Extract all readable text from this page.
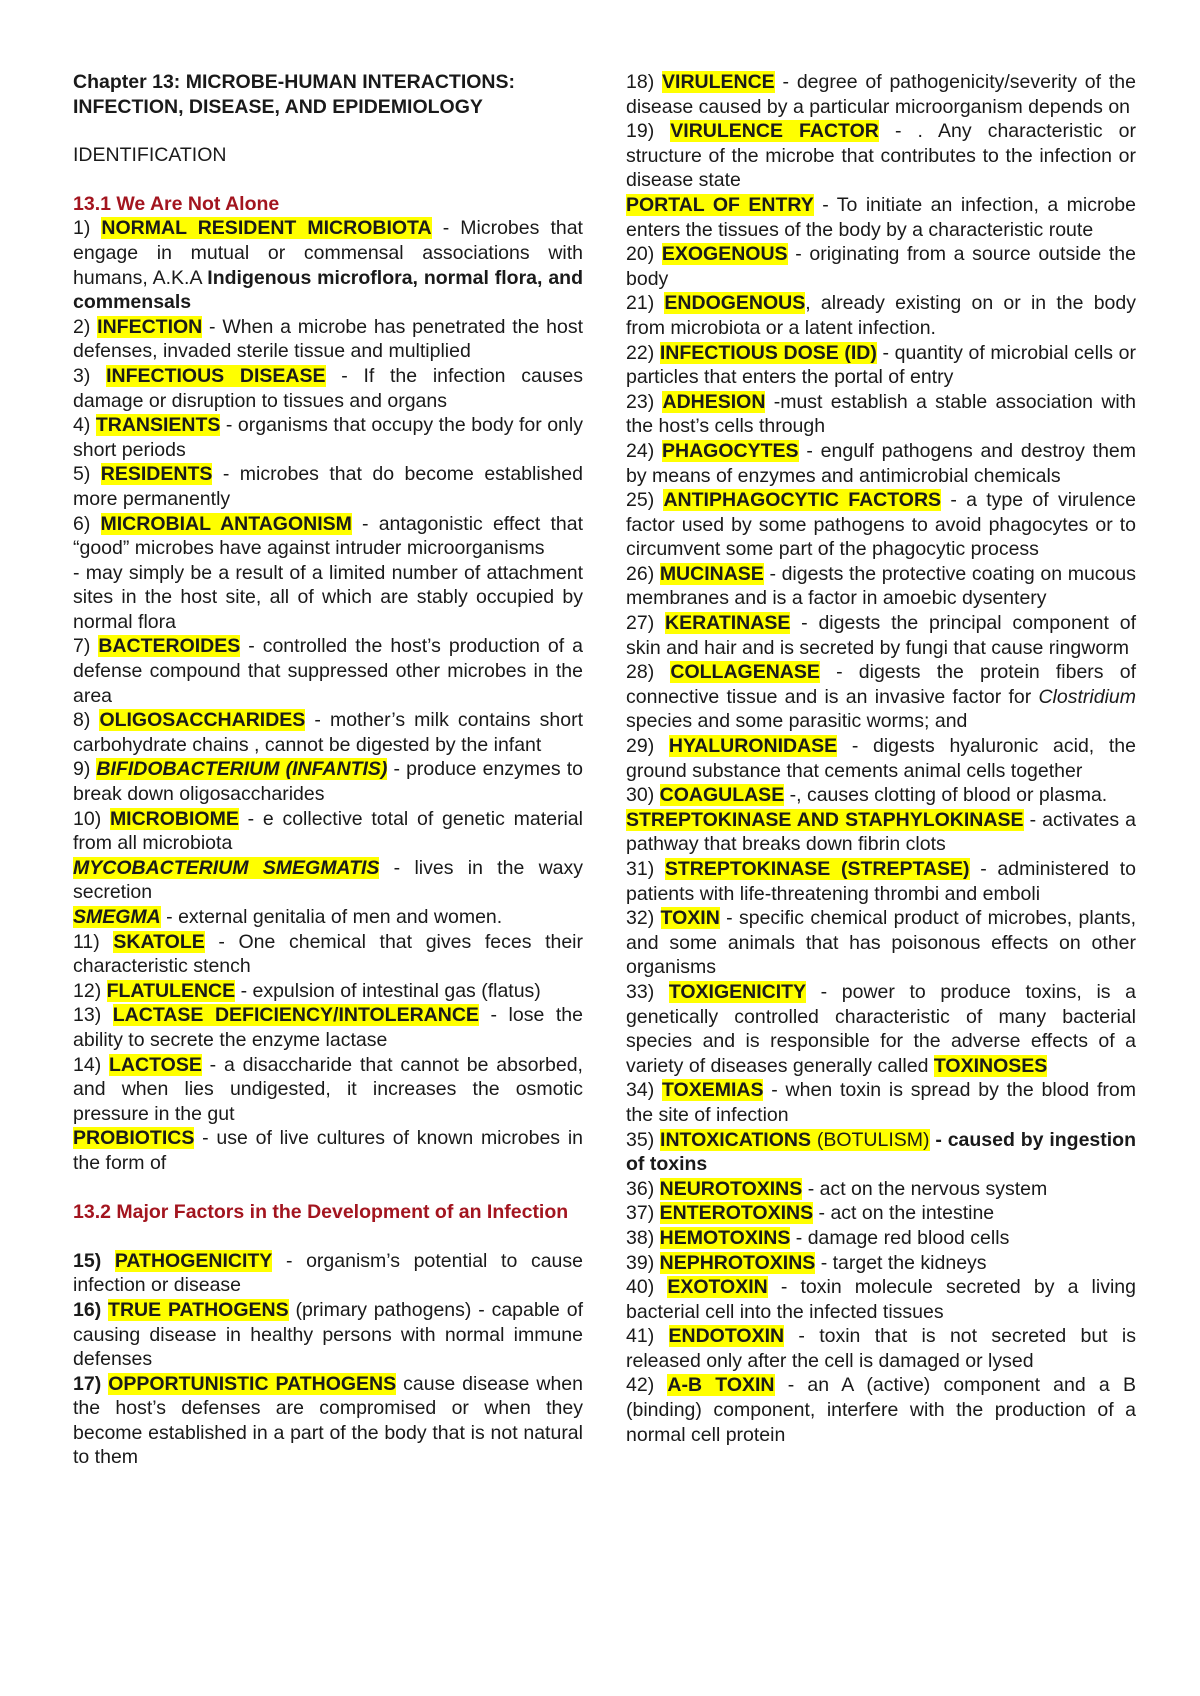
Chapter 13: MICROBE-HUMAN INTERACTIONS:
INFECTION, DISEASE, AND EPIDEMIOLOGY

IDENTIFICATION

13.1 We Are Not Alone

1) NORMAL RESIDENT MICROBIOTA - Microbes that engage in mutual or commensal associations with humans, A.K.A Indigenous microflora, normal flora, and commensals

2) INFECTION - When a microbe has penetrated the host defenses, invaded sterile tissue and multiplied

3) INFECTIOUS DISEASE - If the infection causes damage or disruption to tissues and organs

4) TRANSIENTS - organisms that occupy the body for only short periods

5) RESIDENTS - microbes that do become established more permanently

6) MICROBIAL ANTAGONISM - antagonistic effect that “good” microbes have against intruder microorganisms

- may simply be a result of a limited number of attachment sites in the host site, all of which are stably occupied by normal flora

7) BACTEROIDES - controlled the host’s production of a defense compound that suppressed other microbes in the area

8) OLIGOSACCHARIDES - mother’s milk contains short carbohydrate chains , cannot be digested by the infant

9) BIFIDOBACTERIUM (INFANTIS) - produce enzymes to break down oligosaccharides

10) MICROBIOME - e collective total of genetic material from all microbiota

MYCOBACTERIUM SMEGMATIS - lives in the waxy secretion

SMEGMA - external genitalia of men and women.

11) SKATOLE - One chemical that gives feces their characteristic stench

12) FLATULENCE - expulsion of intestinal gas (flatus)

13) LACTASE DEFICIENCY/INTOLERANCE - lose the ability to secrete the enzyme lactase

14) LACTOSE - a disaccharide that cannot be absorbed, and when lies undigested, it increases the osmotic pressure in the gut

PROBIOTICS - use of live cultures of known microbes in the form of

13.2 Major Factors in the Development of an Infection

15) PATHOGENICITY - organism’s potential to cause infection or disease

16) TRUE PATHOGENS (primary pathogens) - capable of causing disease in healthy persons with normal immune defenses

17) OPPORTUNISTIC PATHOGENS cause disease when the host’s defenses are compromised or when they become established in a part of the body that is not natural to them

18) VIRULENCE - degree of pathogenicity/severity of the disease caused by a particular microorganism depends on

19) VIRULENCE FACTOR - . Any characteristic or structure of the microbe that contributes to the infection or disease state

PORTAL OF ENTRY - To initiate an infection, a microbe enters the tissues of the body by a characteristic route

20) EXOGENOUS - originating from a source outside the body

21) ENDOGENOUS, already existing on or in the body from microbiota or a latent infection.

22) INFECTIOUS DOSE (ID) - quantity of microbial cells or particles that enters the portal of entry

23) ADHESION -must establish a stable association with the host’s cells through

24) PHAGOCYTES - engulf pathogens and destroy them by means of enzymes and antimicrobial chemicals

25) ANTIPHAGOCYTIC FACTORS - a type of virulence factor used by some pathogens to avoid phagocytes or to circumvent some part of the phagocytic process

26) MUCINASE - digests the protective coating on mucous membranes and is a factor in amoebic dysentery

27) KERATINASE - digests the principal component of skin and hair and is secreted by fungi that cause ringworm

28) COLLAGENASE - digests the protein fibers of connective tissue and is an invasive factor for Clostridium species and some parasitic worms; and

29) HYALURONIDASE - digests hyaluronic acid, the ground substance that cements animal cells together

30) COAGULASE -, causes clotting of blood or plasma.

STREPTOKINASE AND STAPHYLOKINASE - activates a pathway that breaks down fibrin clots

31) STREPTOKINASE (STREPTASE) - administered to patients with life-threatening thrombi and emboli

32) TOXIN - specific chemical product of microbes, plants, and some animals that has poisonous effects on other organisms

33) TOXIGENICITY - power to produce toxins, is a genetically controlled characteristic of many bacterial species and is responsible for the adverse effects of a variety of diseases generally called TOXINOSES

34) TOXEMIAS - when toxin is spread by the blood from the site of infection

35) INTOXICATIONS (BOTULISM) - caused by ingestion of toxins

36) NEUROTOXINS - act on the nervous system

37) ENTEROTOXINS - act on the intestine

38) HEMOTOXINS - damage red blood cells

39) NEPHROTOXINS - target the kidneys

40) EXOTOXIN - toxin molecule secreted by a living bacterial cell into the infected tissues

41) ENDOTOXIN - toxin that is not secreted but is released only after the cell is damaged or lysed

42) A-B TOXIN - an A (active) component and a B (binding) component, interfere with the production of a normal cell protein
